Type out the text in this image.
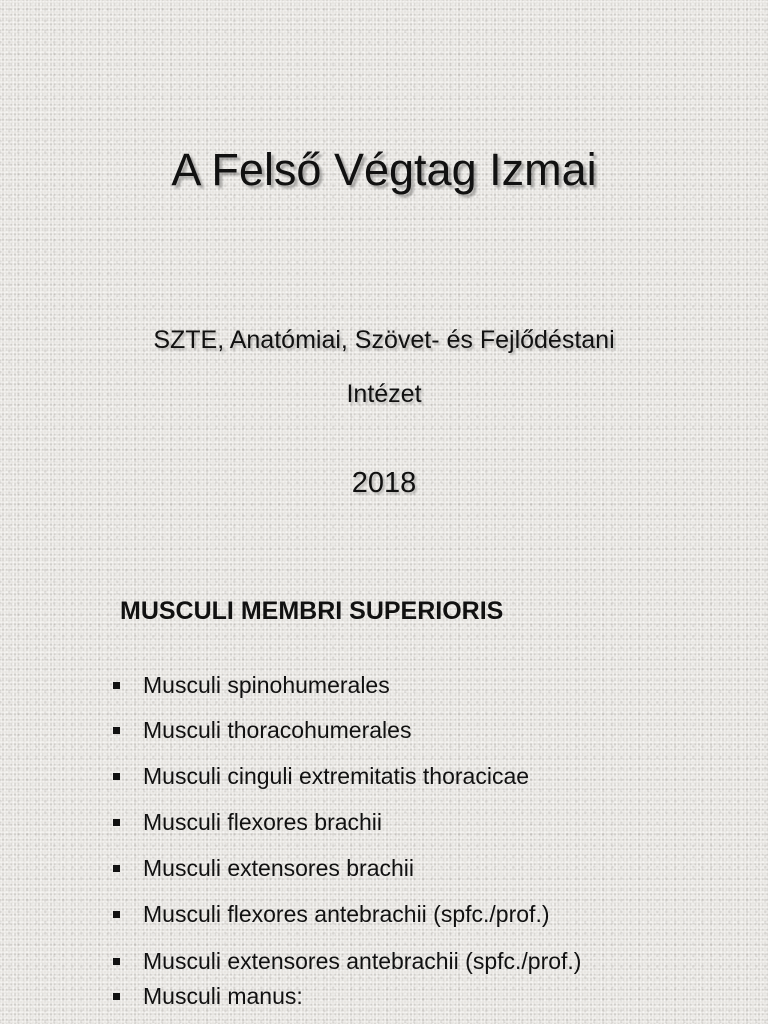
A Felső Végtag Izmai
SZTE, Anatómiai, Szövet- és Fejlődéstani
Intézet
2018
MUSCULI MEMBRI SUPERIORIS
Musculi spinohumerales
Musculi thoracohumerales
Musculi cinguli extremitatis thoracicae
Musculi flexores brachii
Musculi extensores brachii
Musculi flexores antebrachii (spfc./prof.)
Musculi extensores antebrachii (spfc./prof.)
Musculi manus:
